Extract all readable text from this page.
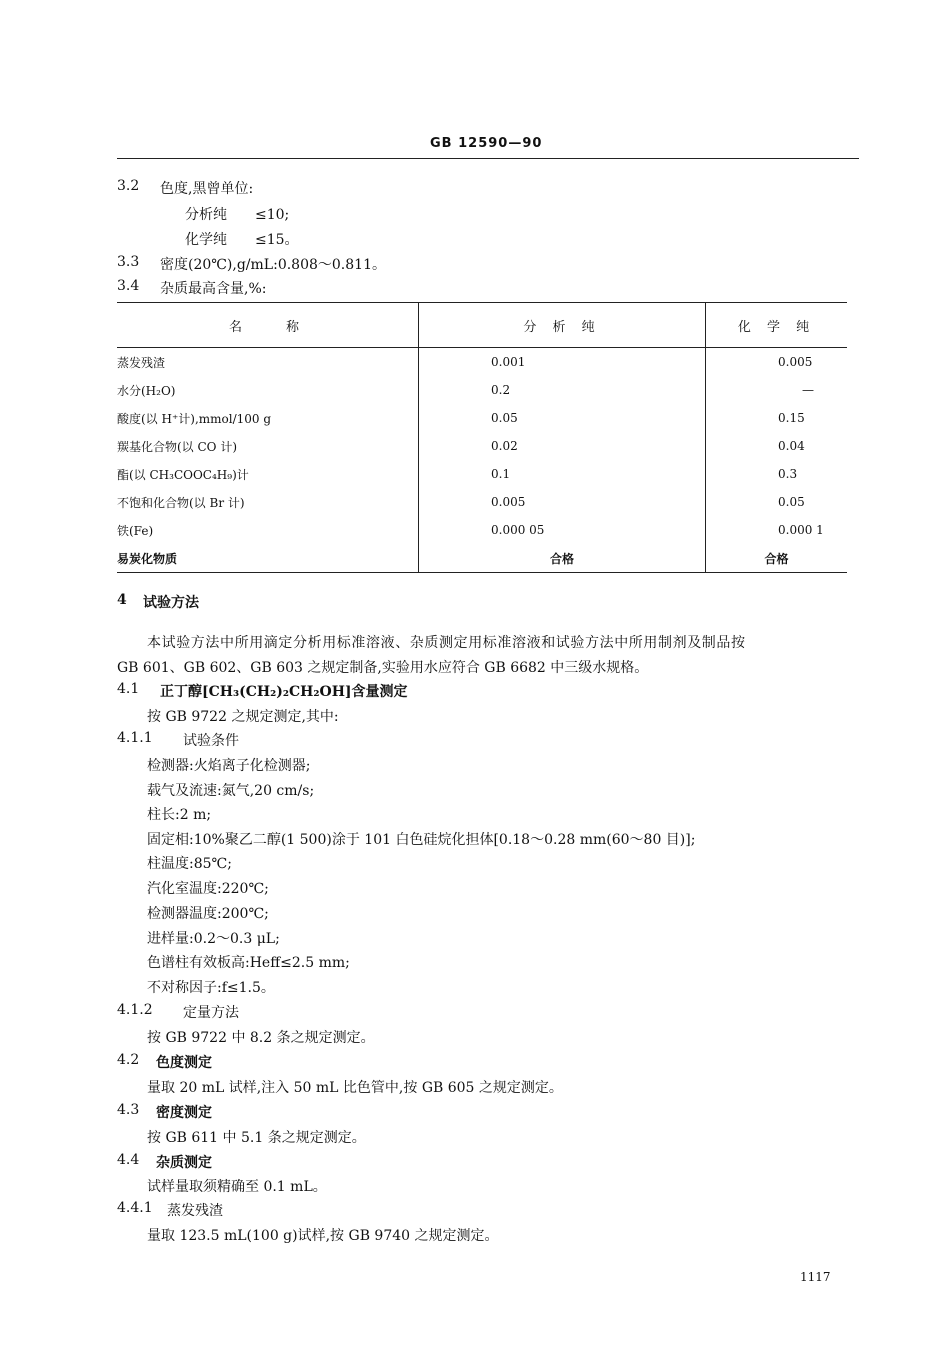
GB 12590—90
3.2 色度,黑曾单位:
分析纯　　≤10;
化学纯　　≤15。
3.3 密度(20℃),g/mL:0.808～0.811。
3.4 杂质最高含量,%:
名　　称	分 析 纯	化 学 纯
蒸发残渣	0.001	0.005
水分(H₂O)	0.2	—
酸度(以 H⁺计),mmol/100 g	0.05	0.15
羰基化合物(以 CO 计)	0.02	0.04
酯(以 CH₃COOC₄H₉)计	0.1	0.3
不饱和化合物(以 Br 计)	0.005	0.05
铁(Fe)	0.000 05	0.000 1
易炭化物质	合格	合格
4 试验方法
本试验方法中所用滴定分析用标准溶液、杂质测定用标准溶液和试验方法中所用制剂及制品按
GB 601、GB 602、GB 603 之规定制备,实验用水应符合 GB 6682 中三级水规格。
4.1 正丁醇[CH₃(CH₂)₂CH₂OH]含量测定
按 GB 9722 之规定测定,其中:
4.1.1 试验条件
检测器:火焰离子化检测器;
载气及流速:氮气,20 cm/s;
柱长:2 m;
固定相:10%聚乙二醇(1 500)涂于 101 白色硅烷化担体[0.18～0.28 mm(60～80 目)];
柱温度:85℃;
汽化室温度:220℃;
检测器温度:200℃;
进样量:0.2～0.3 μL;
色谱柱有效板高:Heff≤2.5 mm;
不对称因子:f≤1.5。
4.1.2 定量方法
按 GB 9722 中 8.2 条之规定测定。
4.2 色度测定
量取 20 mL 试样,注入 50 mL 比色管中,按 GB 605 之规定测定。
4.3 密度测定
按 GB 611 中 5.1 条之规定测定。
4.4 杂质测定
试样量取须精确至 0.1 mL。
4.4.1 蒸发残渣
量取 123.5 mL(100 g)试样,按 GB 9740 之规定测定。
1117
